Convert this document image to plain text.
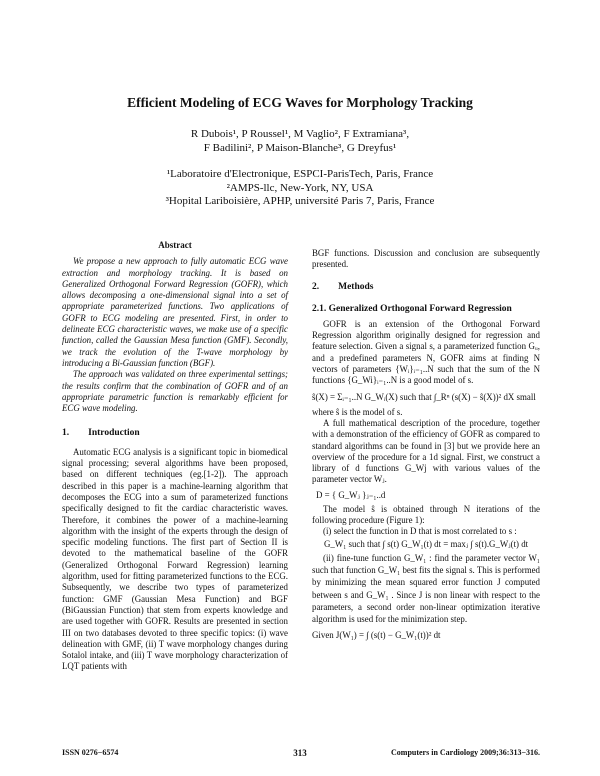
Efficient Modeling of ECG Waves for Morphology Tracking
R Dubois¹, P Roussel¹, M Vaglio², F Extramiana³,
F Badilini², P Maison-Blanche³, G Dreyfus¹
¹Laboratoire d'Electronique, ESPCI-ParisTech, Paris, France
²AMPS-llc, New-York, NY, USA
³Hopital Lariboisière, APHP, université Paris 7, Paris, France
Abstract

We propose a new approach to fully automatic ECG wave extraction and morphology tracking. It is based on Generalized Orthogonal Forward Regression (GOFR), which allows decomposing a one-dimensional signal into a set of appropriate parameterized functions. Two applications of GOFR to ECG modeling are presented. First, in order to delineate ECG characteristic waves, we make use of a specific function, called the Gaussian Mesa function (GMF). Secondly, we track the evolution of the T-wave morphology by introducing a Bi-Gaussian function (BGF).

The approach was validated on three experimental settings; the results confirm that the combination of GOFR and of an appropriate parametric function is remarkably efficient for ECG wave modeling.

1.        Introduction

Automatic ECG analysis is a significant topic in biomedical signal processing; several algorithms have been proposed, based on different techniques (eg.[1-2]). The approach described in this paper is a machine-learning algorithm that decomposes the ECG into a sum of parameterized functions specifically designed to fit the cardiac characteristic waves. Therefore, it combines the power of a machine-learning algorithm with the insight of the experts through the design of specific modeling functions. The first part of Section II is devoted to the mathematical baseline of the GOFR (Generalized Orthogonal Forward Regression) learning algorithm, used for fitting parameterized functions to the ECG. Subsequently, we describe two types of parameterized function: GMF (Gaussian Mesa Function) and BGF (BiGaussian Function) that stem from experts knowledge and are used together with GOFR. Results are presented in section III on two databases devoted to three specific topics: (i) wave delineation with GMF, (ii) T wave morphology changes during Sotalol intake, and (iii) T wave morphology characterization of LQT patients with

BGF functions. Discussion and conclusion are subsequently presented.

2.        Methods
2.1. Generalized Orthogonal Forward Regression

GOFR is an extension of the Orthogonal Forward Regression algorithm originally designed for regression and feature selection. Given a signal s, a parameterized function Gᵤ, and a predefined parameters N, GOFR aims at finding N vectors of parameters {Wᵢ}ᵢ₌₁..N such that the sum of the N functions {G_Wi}ᵢ₌₁..N is a good model of s.

ŝ(X) = Σᵢ₌₁..N G_Wᵢ(X) such that ∫_Rⁿ (s(X) − ŝ(X))² dX small

where ŝ is the model of s.

A full mathematical description of the procedure, together with a demonstration of the efficiency of GOFR as compared to standard algorithms can be found in [3] but we provide here an overview of the procedure for a 1d signal. First, we construct a library of d functions G_Wj with various values of the parameter vector Wⱼ.

D = { G_Wⱼ }ⱼ₌₁..d

The model ŝ is obtained through N iterations of the following procedure (Figure 1):

(i) select the function in D that is most correlated to s :

G_W₁ such that ∫ s(t) G_W₁(t) dt = maxⱼ ∫ s(t).G_Wⱼ(t) dt

(ii) fine-tune function G_W₁ : find the parameter vector W₁ such that function G_W₁ best fits the signal s. This is performed by minimizing the mean squared error function J computed between s and G_W₁ . Since J is non linear with respect to the parameters, a second order non-linear optimization iterative algorithm is used for the minimization step.

Given J(W₁) = ∫ (s(t) − G_W₁(t))² dt
ISSN 0276−6574	313	Computers in Cardiology 2009;36:313−316.
